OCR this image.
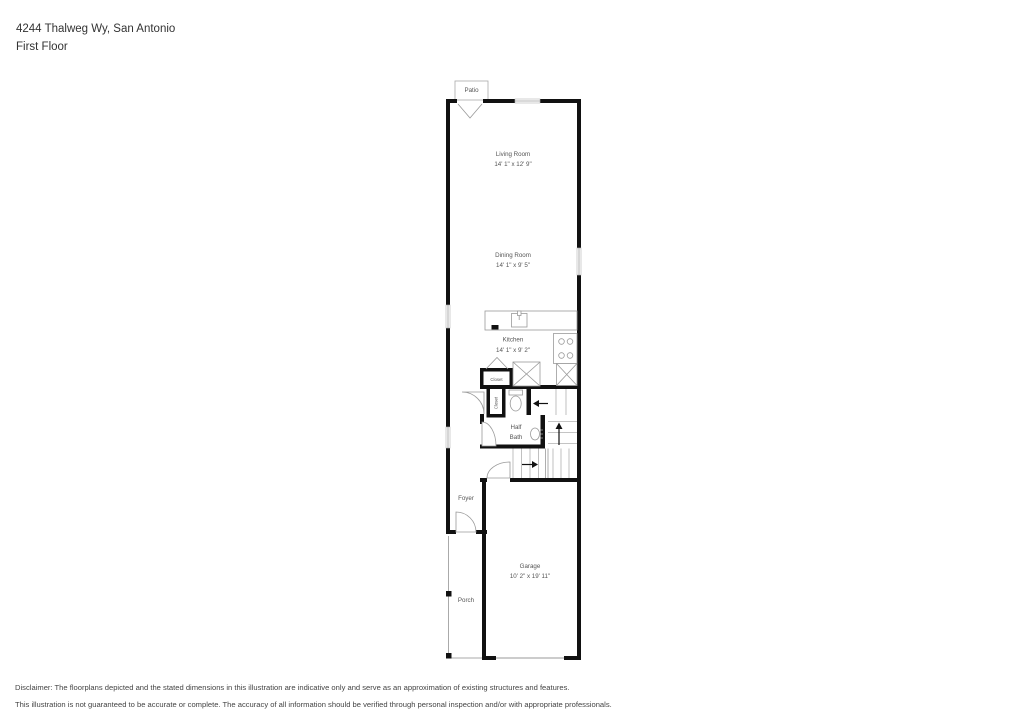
4244 Thalweg Wy, San Antonio
First Floor
Patio
Living Room
14' 1" x 12' 9"
Dining Room
14' 1" x 9' 5"
Kitchen
14' 1" x 9' 2"
Closet
Closet
Half
Bath
Foyer
Porch
Garage
10' 2" x 19' 11"
Disclaimer: The floorplans depicted and the stated dimensions in this illustration are indicative only and serve as an approximation of existing structures and features.
This illustration is not guaranteed to be accurate or complete. The accuracy of all information should be verified through personal inspection and/or with appropriate professionals.
